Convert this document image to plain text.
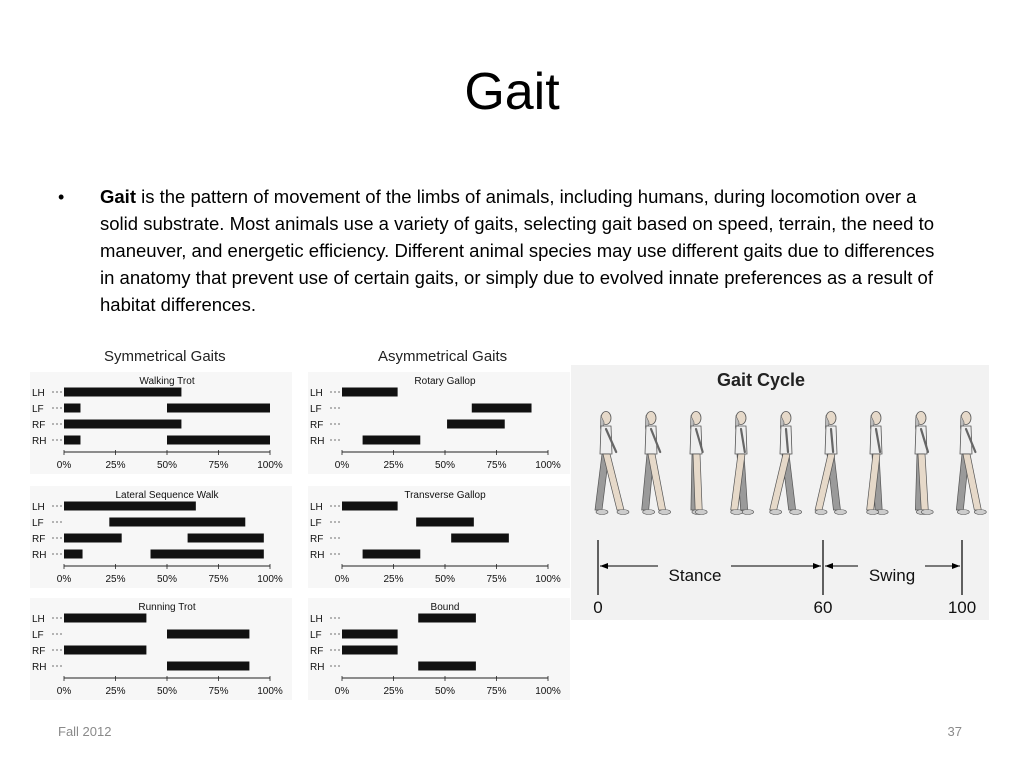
Gait
• Gait is the pattern of movement of the limbs of animals, including humans, during locomotion over a solid substrate. Most animals use a variety of gaits, selecting gait based on speed, terrain, the need to maneuver, and energetic efficiency. Different animal species may use different gaits due to differences in anatomy that prevent use of certain gaits, or simply due to evolved innate preferences as a result of habitat differences.
Symmetrical Gaits	Asymmetrical Gaits
Walking Trot
LH
LF
RF
RH
0%	25%	50%	75%	100%
Lateral Sequence Walk
LH
LF
RF
RH
0%	25%	50%	75%	100%
Running Trot
LH
LF
RF
RH
0%	25%	50%	75%	100%
Rotary Gallop
LH
LF
RF
RH
0%	25%	50%	75%	100%
Transverse Gallop
LH
LF
RF
RH
0%	25%	50%	75%	100%
Bound
LH
LF
RF
RH
0%	25%	50%	75%	100%
Gait Cycle
Stance	Swing
0	60	100
Fall 2012	37
